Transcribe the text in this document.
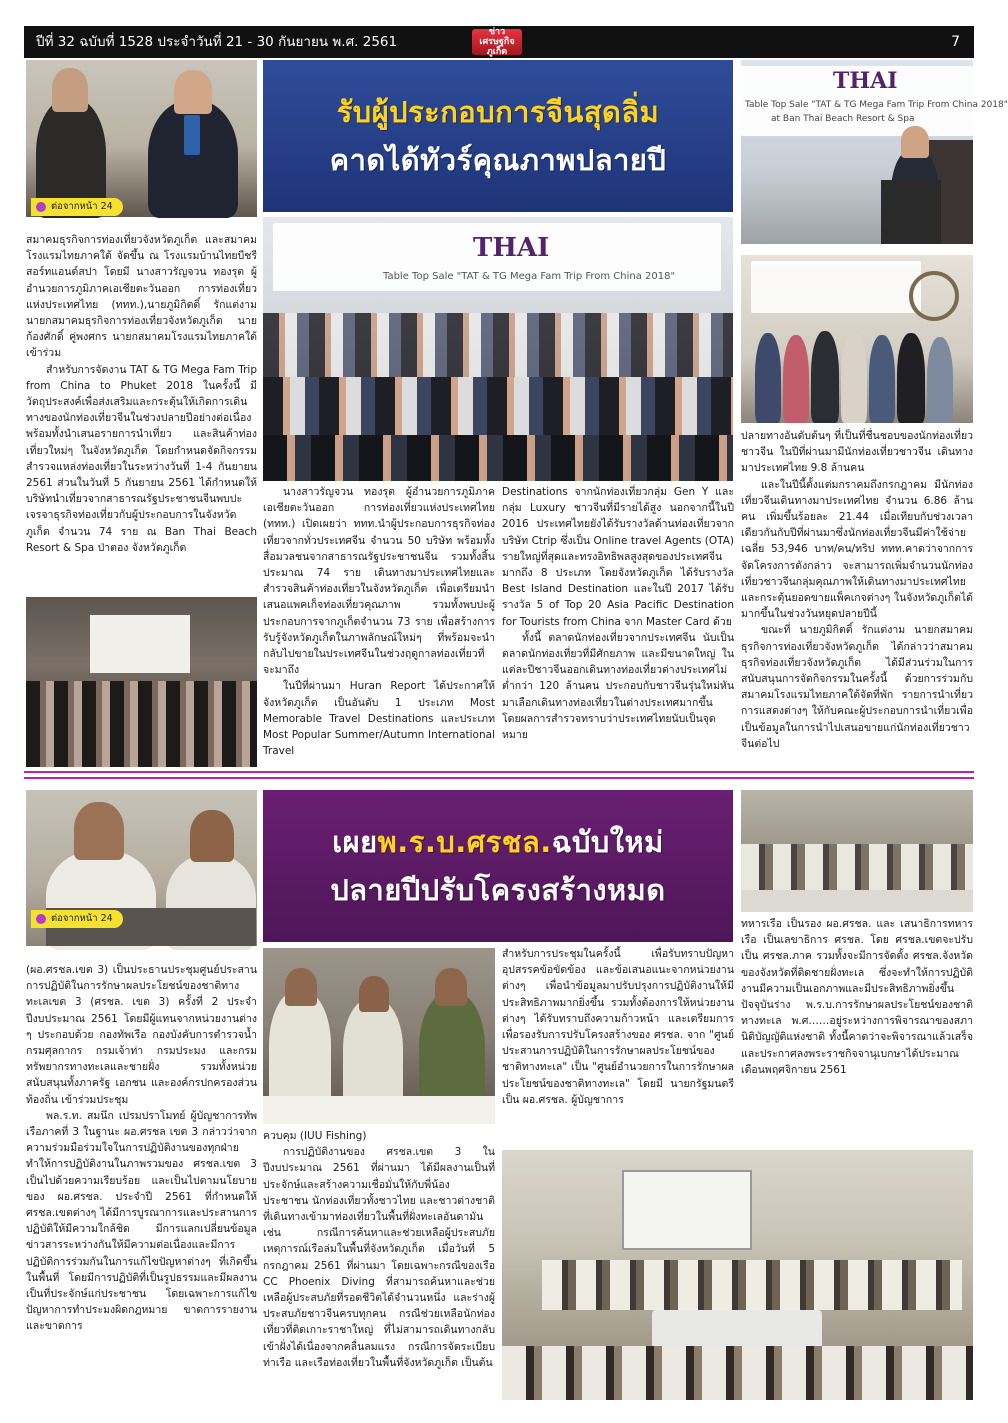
ปีที่ 32 ฉบับที่ 1528 ประจำวันที่ 21 - 30 กันยายน พ.ศ. 2561
ข่าวเศรษฐกิจ ภูเก็ต
7
ต่อจากหน้า 24
รับผู้ประกอบการจีนสุดลิ่ม
คาดได้ทัวร์คุณภาพปลายปี
THAI
Table Top Sale "TAT & TG Mega Fam Trip From China 2018"
at Ban Thai Beach Resort & Spa
THAI
Table Top Sale "TAT & TG Mega Fam Trip From China 2018"

สมาคมธุรกิจการท่องเที่ยวจังหวัดภูเก็ต และสมาคมโรงแรมไทยภาคใต้ จัดขึ้น ณ โรงแรมบ้านไทยบีชรีสอร์ทแอนด์สปา โดยมี นางสาวรัญจวน ทองรุต ผู้อำนวยการภูมิภาคเอเชียตะวันออก การท่องเที่ยวแห่งประเทศไทย (ททท.),นายภูมิกิตติ์ รักแต่งาม นายกสมาคมธุรกิจการท่องเที่ยวจังหวัดภูเก็ต นาย ก้องศักดิ์ คู่พงศกร นายกสมาคมโรงแรมไทยภาคใต้ เข้าร่วม

สำหรับการจัดงาน TAT & TG Mega Fam Trip from China to Phuket 2018 ในครั้งนี้ มีวัตถุประสงค์เพื่อส่งเสริมและกระตุ้นให้เกิดการเดินทางของนักท่องเที่ยวจีนในช่วงปลายปีอย่างต่อเนื่อง พร้อมทั้งนำเสนอรายการนำเที่ยว และสินค้าท่องเที่ยวใหม่ๆ ในจังหวัดภูเก็ต โดยกำหนดจัดกิจกรรมสำรวจแหล่งท่องเที่ยวในระหว่างวันที่ 1-4 กันยายน 2561 ส่วนในวันที่ 5 กันยายน 2561 ได้กำหนดให้บริษัทนำเที่ยวจากสาธารณรัฐประชาชนจีนพบปะเจรจาธุรกิจท่องเที่ยวกับผู้ประกอบการในจังหวัดภูเก็ต จำนวน 74 ราย ณ Ban Thai Beach Resort & Spa ป่าตอง จังหวัดภูเก็ต

นางสาวรัญจวน ทองรุต ผู้อำนวยการภูมิภาคเอเชียตะวันออก การท่องเที่ยวแห่งประเทศไทย (ททท.) เปิดเผยว่า ททท.นำผู้ประกอบการธุรกิจท่องเที่ยวจากทั่วประเทศจีน จำนวน 50 บริษัท พร้อมทั้งสื่อมวลชนจากสาธารณรัฐประชาชนจีน รวมทั้งสิ้นประมาณ 74 ราย เดินทางมาประเทศไทยและสำรวจสินค้าท่องเที่ยวในจังหวัดภูเก็ต เพื่อเตรียมนำเสนอแพคเก็จท่องเที่ยวคุณภาพ รวมทั้งพบปะผู้ประกอบการจากภูเก็ตจำนวน 73 ราย เพื่อสร้างการรับรู้จังหวัดภูเก็ตในภาพลักษณ์ใหม่ๆ ที่พร้อมจะนำกลับไปขายในประเทศจีนในช่วงฤดูกาลท่องเที่ยวที่จะมาถึง

ในปีที่ผ่านมา Huran Report ได้ประกาศให้จังหวัดภูเก็ต เป็นอันดับ 1 ประเภท Most Memorable Travel Destinations และประเภท Most Popular Summer/Autumn International Travel

Destinations จากนักท่องเที่ยวกลุ่ม Gen Y และกลุ่ม Luxury ชาวจีนที่มีรายได้สูง นอกจากนี้ในปี 2016 ประเทศไทยยังได้รับรางวัลด้านท่องเที่ยวจากบริษัท Ctrip ซึ่งเป็น Online travel Agents (OTA) รายใหญ่ที่สุดและทรงอิทธิพลสูงสุดของประเทศจีน มากถึง 8 ประเภท โดยจังหวัดภูเก็ต ได้รับรางวัล Best Island Destination และในปี 2017 ได้รับรางวัล 5 of Top 20 Asia Pacific Destination for Tourists from China จาก Master Card ด้วย

ทั้งนี้ ตลาดนักท่องเที่ยวจากประเทศจีน นับเป็นตลาดนักท่องเที่ยวที่มีศักยภาพ และมีขนาดใหญ่ ในแต่ละปีชาวจีนออกเดินทางท่องเที่ยวต่างประเทศไม่ต่ำกว่า 120 ล้านคน ประกอบกับชาวจีนรุ่นใหม่หันมาเลือกเดินทางท่องเที่ยวในต่างประเทศมากขึ้น โดยผลการสำรวจทราบว่าประเทศไทยนับเป็นจุดหมาย

ปลายทางอันดับต้นๆ ที่เป็นที่ชื่นชอบของนักท่องเที่ยวชาวจีน ในปีที่ผ่านมามีนักท่องเที่ยวชาวจีน เดินทางมาประเทศไทย 9.8 ล้านคน

และในปีนี้ตั้งแต่มกราคมถึงกรกฎาคม มีนักท่องเที่ยวจีนเดินทางมาประเทศไทย จำนวน 6.86 ล้านคน เพิ่มขึ้นร้อยละ 21.44 เมื่อเทียบกับช่วงเวลาเดียวกันกับปีที่ผ่านมาซึ่งนักท่องเที่ยวจีนมีค่าใช้จ่ายเฉลี่ย 53,946 บาท/คน/ทริป ททท.คาดว่าจากการจัดโครงการดังกล่าว จะสามารถเพิ่มจำนวนนักท่องเที่ยวชาวจีนกลุ่มคุณภาพให้เดินทางมาประเทศไทย และกระตุ้นยอดขายแพ็คเกจต่างๆ ในจังหวัดภูเก็ตได้มากขึ้นในช่วงวันหยุดปลายปีนี้

ขณะที่ นายภูมิกิตติ์ รักแต่งาม นายกสมาคมธุรกิจการท่องเที่ยวจังหวัดภูเก็ต ได้กล่าวว่าสมาคมธุรกิจท่องเที่ยวจังหวัดภูเก็ต ได้มีส่วนร่วมในการสนับสนุนการจัดกิจกรรมในครั้งนี้ ด้วยการร่วมกับสมาคมโรงแรมไทยภาคใต้จัดที่พัก รายการนำเที่ยว การแสดงต่างๆ ให้กับคณะผู้ประกอบการนำเที่ยวเพื่อเป็นข้อมูลในการนำไปเสนอขายแก่นักท่องเที่ยวชาวจีนต่อไป

ต่อจากหน้า 24
เผยพ.ร.บ.ศรชล.ฉบับใหม่
ปลายปีปรับโครงสร้างหมด

(ผอ.ศรชล.เขต 3) เป็นประธานประชุมศูนย์ประสานการปฏิบัติในการรักษาผลประโยชน์ของชาติทางทะเลเขต 3 (ศรชล. เขต 3) ครั้งที่ 2 ประจำปีงบประมาณ 2561 โดยมีผู้แทนจากหน่วยงานต่าง ๆ ประกอบด้วย กองทัพเรือ กองบังคับการตำรวจน้ำ กรมศุลกากร กรมเจ้าท่า กรมประมง และกรมทรัพยากรทางทะเลและชายฝั่ง รวมทั้งหน่วยสนับสนุนทั้งภาครัฐ เอกชน และองค์กรปกครองส่วนท้องถิ่น เข้าร่วมประชุม

พล.ร.ท. สมนึก เปรมปราโมทย์ ผู้บัญชาการทัพเรือภาคที่ 3 ในฐานะ ผอ.ศรชล เขต 3 กล่าวว่าจากความร่วมมือร่วมใจในการปฏิบัติงานของทุกฝ่าย ทำให้การปฏิบัติงานในภาพรวมของ ศรชล.เขต 3 เป็นไปด้วยความเรียบร้อย และเป็นไปตามนโยบายของ ผอ.ศรชล. ประจำปี 2561 ที่กำหนดให้ ศรชล.เขตต่างๆ ได้มีการบูรณาการและประสานการปฏิบัติให้มีความใกล้ชิด มีการแลกเปลี่ยนข้อมูลข่าวสารระหว่างกันให้มีความต่อเนื่องและมีการปฏิบัติการร่วมกันในการแก้ไขปัญหาต่างๆ ที่เกิดขึ้นในพื้นที่ โดยมีการปฏิบัติที่เป็นรูปธรรมและมีผลงานเป็นที่ประจักษ์แก่ประชาชน โดยเฉพาะการแก้ไขปัญหาการทำประมงผิดกฎหมาย ขาดการรายงาน และขาดการ

ควบคุม (IUU Fishing)

การปฏิบัติงานของ ศรชล.เขต 3 ในปีงบประมาณ 2561 ที่ผ่านมา ได้มีผลงานเป็นที่ประจักษ์และสร้างความเชื่อมั่นให้กับพี่น้องประชาชน นักท่องเที่ยวทั้งชาวไทย และชาวต่างชาติที่เดินทางเข้ามาท่องเที่ยวในพื้นที่ฝั่งทะเลอันดามัน เช่น กรณีการค้นหาและช่วยเหลือผู้ประสบภัยเหตุการณ์เรือล่มในพื้นที่จังหวัดภูเก็ต เมื่อวันที่ 5 กรกฎาคม 2561 ที่ผ่านมา โดยเฉพาะกรณีของเรือ CC Phoenix Diving ที่สามารถค้นหาและช่วยเหลือผู้ประสบภัยที่รอดชีวิตได้จำนวนหนึ่ง และร่างผู้ประสบภัยชาวจีนครบทุกคน กรณีช่วยเหลือนักท่องเที่ยวที่ติดเกาะราชาใหญ่ ที่ไม่สามารถเดินทางกลับเข้าฝั่งได้เนื่องจากคลื่นลมแรง กรณีการจัดระเบียบท่าเรือ และเรือท่องเที่ยวในพื้นที่จังหวัดภูเก็ต เป็นต้น

สำหรับการประชุมในครั้งนี้ เพื่อรับทราบปัญหาอุปสรรคข้อขัดข้อง และข้อเสนอแนะจากหน่วยงานต่างๆ เพื่อนำข้อมูลมาปรับปรุงการปฏิบัติงานให้มีประสิทธิภาพมากยิ่งขึ้น รวมทั้งต้องการให้หน่วยงานต่างๆ ได้รับทราบถึงความก้าวหน้า และเตรียมการเพื่อรองรับการปรับโครงสร้างของ ศรชล. จาก "ศูนย์ประสานการปฏิบัติในการรักษาผลประโยชน์ของชาติทางทะเล" เป็น "ศูนย์อำนวยการในการรักษาผลประโยชน์ของชาติทางทะเล" โดยมี นายกรัฐมนตรี เป็น ผอ.ศรชล. ผู้บัญชาการ

ทหารเรือ เป็นรอง ผอ.ศรชล. และ เสนาธิการทหารเรือ เป็นเลขาธิการ ศรชล. โดย ศรชล.เขตจะปรับเป็น ศรชล.ภาค รวมทั้งจะมีการจัดตั้ง ศรชล.จังหวัดของจังหวัดที่ติดชายฝั่งทะเล ซึ่งจะทำให้การปฏิบัติงานมีความเป็นเอกภาพและมีประสิทธิภาพยิ่งขึ้น ปัจจุบันร่าง พ.ร.บ.การรักษาผลประโยชน์ของชาติทางทะเล พ.ศ……อยู่ระหว่างการพิจารณาของสภานิติบัญญัติแห่งชาติ ทั้งนี้คาดว่าจะพิจารณาแล้วเสร็จ และประกาศลงพระราชกิจจานุเบกษาได้ประมาณเดือนพฤศจิกายน 2561
